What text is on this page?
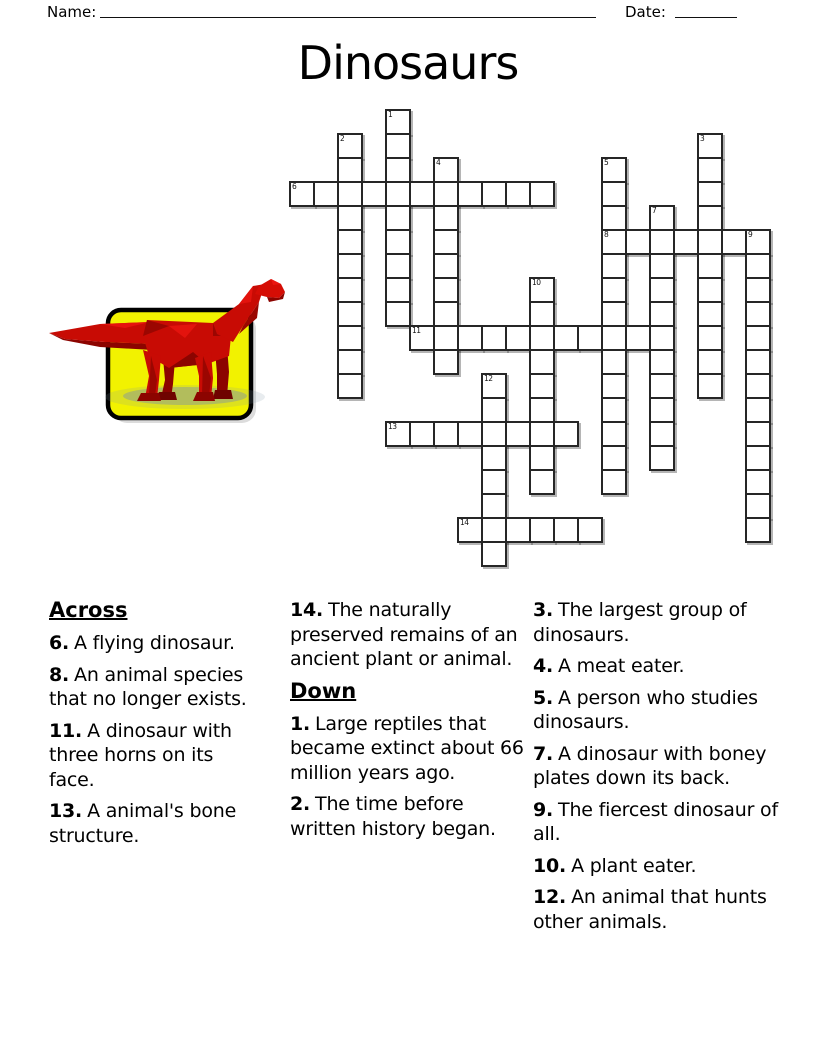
Name:	Date:
Dinosaurs
1
2	3
4	5
6
7
8	9
10
11
12
13
14
Across

6. A flying dinosaur.

8. An animal species that no longer exists.

11. A dinosaur with three horns on its face.

13. A animal's bone structure.

14. The naturally preserved remains of an ancient plant or animal.

Down

1. Large reptiles that became extinct about 66 million years ago.

2. The time before written history began.

3. The largest group of dinosaurs.

4. A meat eater.

5. A person who studies dinosaurs.

7. A dinosaur with boney plates down its back.

9. The fiercest dinosaur of all.

10. A plant eater.

12. An animal that hunts other animals.
